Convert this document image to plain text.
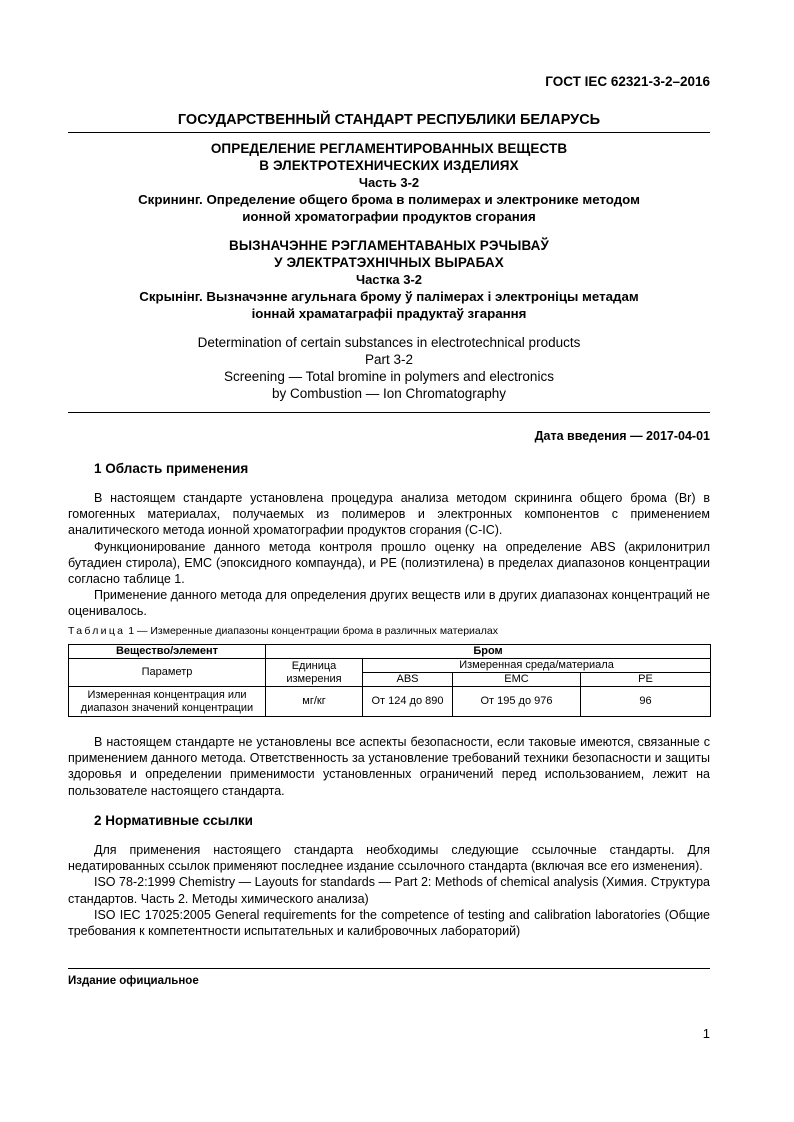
ГОСТ IEC 62321-3-2–2016
ГОСУДАРСТВЕННЫЙ СТАНДАРТ РЕСПУБЛИКИ БЕЛАРУСЬ
ОПРЕДЕЛЕНИЕ РЕГЛАМЕНТИРОВАННЫХ ВЕЩЕСТВ
В ЭЛЕКТРОТЕХНИЧЕСКИХ ИЗДЕЛИЯХ
Часть 3-2
Скрининг. Определение общего брома в полимерах и электронике методом
ионной хроматографии продуктов сгорания
ВЫЗНАЧЭННЕ РЭГЛАМЕНТАВАНЫХ РЭЧЫВАЎ
У ЭЛЕКТРАТЭХНІЧНЫХ ВЫРАБАХ
Частка 3-2
Скрынінг. Вызначэнне агульнага брому ў палімерах і электроніцы метадам
іоннай храматаграфіі прадуктаў згарання
Determination of certain substances in electrotechnical products
Part 3-2
Screening — Total bromine in polymers and electronics
by Combustion — Ion Chromatography
Дата введения — 2017-04-01
1 Область применения

В настоящем стандарте установлена процедура анализа методом скрининга общего брома (Br) в гомогенных материалах, получаемых из полимеров и электронных компонентов с применением аналитического метода ионной хроматографии продуктов сгорания (C-IC).

Функционирование данного метода контроля прошло оценку на определение ABS (акрилонитрил бутадиен стирола), EMC (эпоксидного компаунда), и PE (полиэтилена) в пределах диапазонов концентрации согласно таблице 1.

Применение данного метода для определения других веществ или в других диапазонах концентраций не оценивалось.

Таблица 1 — Измеренные диапазоны концентрации брома в различных материалах
Вещество/элемент	Бром			
Параметр	Единица измерения	Измеренная среда/материала		
		ABS	EMC	PE

Измеренная концентрация или
диапазон значений концентрации	мг/кг	От 124 до 890	От 195 до 976	96

В настоящем стандарте не установлены все аспекты безопасности, если таковые имеются, связанные с применением данного метода. Ответственность за установление требований техники безопасности и защиты здоровья и определении применимости установленных ограничений перед использованием, лежит на пользователе настоящего стандарта.

2 Нормативные ссылки

Для применения настоящего стандарта необходимы следующие ссылочные стандарты. Для недатированных ссылок применяют последнее издание ссылочного стандарта (включая все его изменения).

ISO 78-2:1999 Chemistry — Layouts for standards — Part 2: Methods of chemical analysis (Химия. Структура стандартов. Часть 2. Методы химического анализа)

ISO IEC 17025:2005 General requirements for the competence of testing and calibration laboratories (Общие требования к компетентности испытательных и калибровочных лабораторий)

Издание официальное
1
